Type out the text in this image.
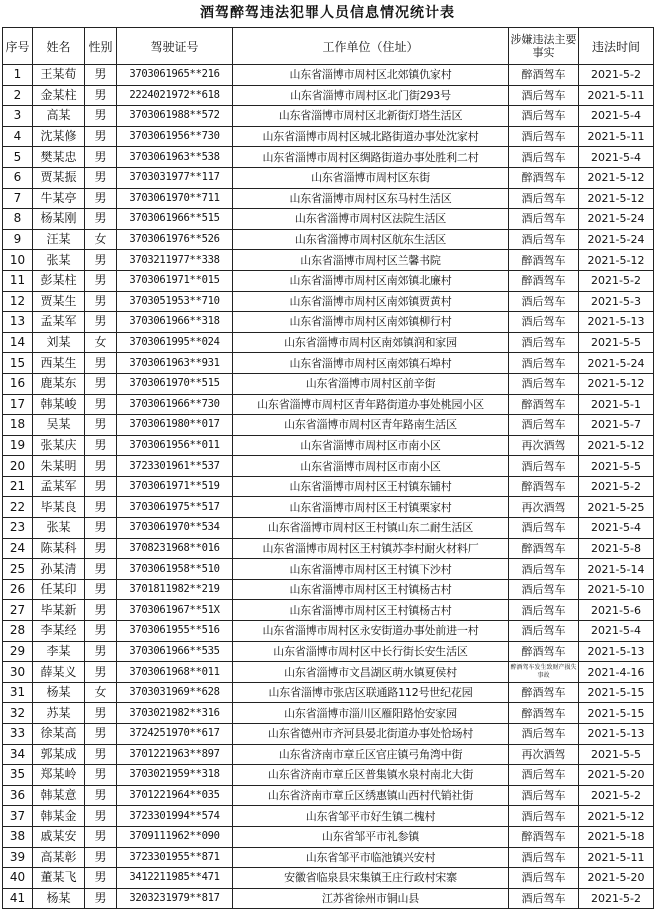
酒驾醉驾违法犯罪人员信息情况统计表
序号	姓名	性别	驾驶证号	工作单位（住址）	涉嫌违法主要事实	违法时间
1	王某荀	男	3703061965**216	山东省淄博市周村区北郊镇仇家村	醉酒驾车	2021-5-2
2	金某柱	男	2224021972**618	山东省淄博市周村区北门街293号	酒后驾车	2021-5-11
3	高某	男	3703061988**572	山东省淄博市周村区北新街灯塔生活区	酒后驾车	2021-5-4
4	沈某修	男	3703061956**730	山东省淄博市周村区城北路街道办事处沈家村	酒后驾车	2021-5-11
5	樊某忠	男	3703061963**538	山东省淄博市周村区绸路街道办事处胜利二村	酒后驾车	2021-5-4
6	贾某振	男	3703031977**117	山东省淄博市周村区东街	醉酒驾车	2021-5-12
7	牛某亭	男	3703061970**711	山东省淄博市周村区东马村生活区	酒后驾车	2021-5-12
8	杨某刚	男	3703061966**515	山东省淄博市周村区法院生活区	酒后驾车	2021-5-24
9	汪某	女	3703061976**526	山东省淄博市周村区航东生活区	酒后驾车	2021-5-24
10	张某	男	3703211977**338	山东省淄博市周村区兰馨书院	醉酒驾车	2021-5-12
11	彭某柱	男	3703061971**015	山东省淄博市周村区南郊镇北廉村	醉酒驾车	2021-5-2
12	贾某生	男	3703051953**710	山东省淄博市周村区南郊镇贾黄村	酒后驾车	2021-5-3
13	孟某军	男	3703061966**318	山东省淄博市周村区南郊镇柳行村	酒后驾车	2021-5-13
14	刘某	女	3703061995**024	山东省淄博市周村区南郊镇润和家园	酒后驾车	2021-5-5
15	西某生	男	3703061963**931	山东省淄博市周村区南郊镇石埠村	酒后驾车	2021-5-24
16	鹿某东	男	3703061970**515	山东省淄博市周村区前辛街	酒后驾车	2021-5-12
17	韩某峻	男	3703061966**730	山东省淄博市周村区青年路街道办事处桃园小区	醉酒驾车	2021-5-1
18	吴某	男	3703061980**017	山东省淄博市周村区青年路南生活区	酒后驾车	2021-5-7
19	张某庆	男	3703061956**011	山东省淄博市周村区市南小区	再次酒驾	2021-5-12
20	朱某明	男	3723301961**537	山东省淄博市周村区市南小区	酒后驾车	2021-5-5
21	孟某军	男	3703061971**519	山东省淄博市周村区王村镇东铺村	醉酒驾车	2021-5-2
22	毕某良	男	3703061975**517	山东省淄博市周村区王村镇栗家村	再次酒驾	2021-5-25
23	张某	男	3703061970**534	山东省淄博市周村区王村镇山东二耐生活区	酒后驾车	2021-5-4
24	陈某科	男	3708231968**016	山东省淄博市周村区王村镇苏李村耐火材料厂	醉酒驾车	2021-5-8
25	孙某清	男	3703061958**510	山东省淄博市周村区王村镇下沙村	酒后驾车	2021-5-14
26	任某印	男	3701811982**219	山东省淄博市周村区王村镇杨古村	酒后驾车	2021-5-10
27	毕某新	男	3703061967**51X	山东省淄博市周村区王村镇杨古村	酒后驾车	2021-5-6
28	李某经	男	3703061955**516	山东省淄博市周村区永安街道办事处前进一村	酒后驾车	2021-5-4
29	李某	男	3703061966**535	山东省淄博市周村区中长行街长安生活区	醉酒驾车	2021-5-13
30	薛某义	男	3703061968**011	山东省淄博市文昌湖区萌水镇夏侯村	醉酒驾车发生致财产损失事故	2021-4-16
31	杨某	女	3703031969**628	山东省淄博市张店区联通路112号世纪花园	醉酒驾车	2021-5-15
32	苏某	男	3703021982**316	山东省淄博市淄川区雁阳路怡安家园	醉酒驾车	2021-5-15
33	徐某高	男	3724251970**617	山东省德州市齐河县晏北街道办事处恰场村	酒后驾车	2021-5-13
34	郭某成	男	3701221963**897	山东省济南市章丘区官庄镇弓角湾中街	再次酒驾	2021-5-5
35	郑某岭	男	3703021959**318	山东省济南市章丘区普集镇水泉村南北大街	酒后驾车	2021-5-20
36	韩某意	男	3701221964**035	山东省济南市章丘区绣惠镇山西村代销社街	酒后驾车	2021-5-2
37	韩某金	男	3723301994**574	山东省邹平市好生镇二槐村	酒后驾车	2021-5-12
38	戚某安	男	3709111962**090	山东省邹平市礼参镇	醉酒驾车	2021-5-18
39	高某彰	男	3723301955**871	山东省邹平市临池镇兴安村	酒后驾车	2021-5-11
40	董某飞	男	3412211985**471	安徽省临泉县宋集镇王庄行政村宋寨	酒后驾车	2021-5-20
41	杨某	男	3203231979**817	江苏省徐州市铜山县	酒后驾车	2021-5-2
